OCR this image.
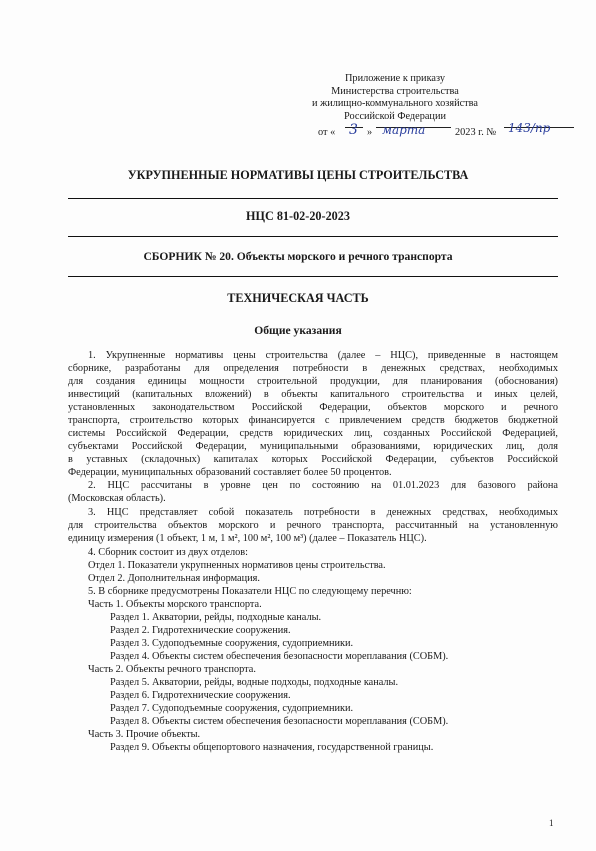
Приложение к приказу
Министерства строительства
и жилищно-коммунального хозяйства
Российской Федерации
от « 3 » марта	2023 г. № 143/пр
УКРУПНЕННЫЕ НОРМАТИВЫ ЦЕНЫ СТРОИТЕЛЬСТВА
НЦС 81-02-20-2023
СБОРНИК № 20. Объекты морского и речного транспорта
ТЕХНИЧЕСКАЯ ЧАСТЬ
Общие указания
1. Укрупненные нормативы цены строительства (далее – НЦС), приведенные в настоящем
сборнике, разработаны для определения потребности в денежных средствах, необходимых
для создания единицы мощности строительной продукции, для планирования (обоснования)
инвестиций (капитальных вложений) в объекты капитального строительства и иных целей,
установленных законодательством Российской Федерации, объектов морского и речного
транспорта, строительство которых финансируется с привлечением средств бюджетов бюджетной
системы Российской Федерации, средств юридических лиц, созданных Российской Федерацией,
субъектами Российской Федерации, муниципальными образованиями, юридических лиц, доля
в уставных (складочных) капиталах которых Российской Федерации, субъектов Российской
Федерации, муниципальных образований составляет более 50 процентов.
2. НЦС рассчитаны в уровне цен по состоянию на 01.01.2023 для базового района
(Московская область).
3. НЦС представляет собой показатель потребности в денежных средствах, необходимых
для строительства объектов морского и речного транспорта, рассчитанный на установленную
единицу измерения (1 объект, 1 м, 1 м², 100 м², 100 м³) (далее – Показатель НЦС).
4. Сборник состоит из двух отделов:
Отдел 1. Показатели укрупненных нормативов цены строительства.
Отдел 2. Дополнительная информация.
5. В сборнике предусмотрены Показатели НЦС по следующему перечню:
Часть 1. Объекты морского транспорта.
Раздел 1. Акватории, рейды, подходные каналы.
Раздел 2. Гидротехнические сооружения.
Раздел 3. Судоподъемные сооружения, судоприемники.
Раздел 4. Объекты систем обеспечения безопасности мореплавания (СОБМ).
Часть 2. Объекты речного транспорта.
Раздел 5. Акватории, рейды, водные подходы, подходные каналы.
Раздел 6. Гидротехнические сооружения.
Раздел 7. Судоподъемные сооружения, судоприемники.
Раздел 8. Объекты систем обеспечения безопасности мореплавания (СОБМ).
Часть 3. Прочие объекты.
Раздел 9. Объекты общепортового назначения, государственной границы.
1
